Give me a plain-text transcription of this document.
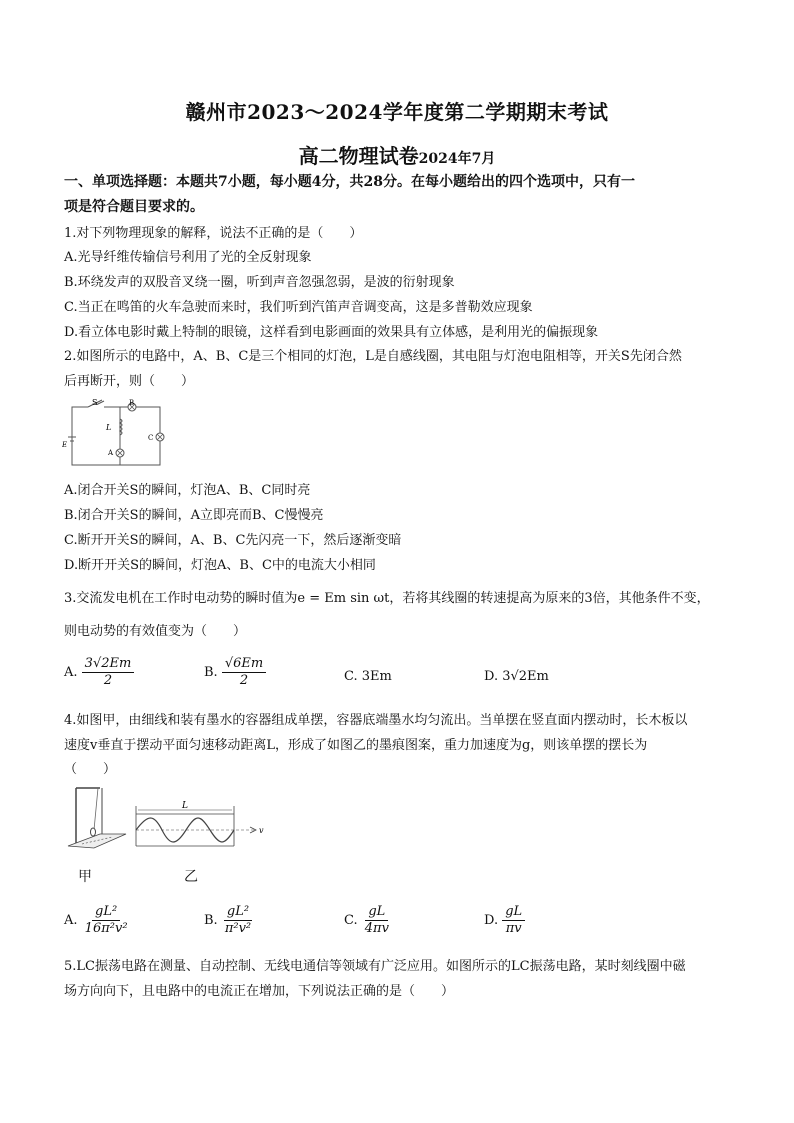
赣州市2023～2024学年度第二学期期末考试
高二物理试卷2024年7月
一、单项选择题：本题共7小题，每小题4分，共28分。在每小题给出的四个选项中，只有一
项是符合题目要求的。
1.对下列物理现象的解释，说法不正确的是（　　）
A.光导纤维传输信号利用了光的全反射现象
B.环绕发声的双股音叉绕一圈，听到声音忽强忽弱，是波的衍射现象
C.当正在鸣笛的火车急驶而来时，我们听到汽笛声音调变高，这是多普勒效应现象
D.看立体电影时戴上特制的眼镜，这样看到电影画面的效果具有立体感，是利用光的偏振现象
2.如图所示的电路中，A、B、C是三个相同的灯泡，L是自感线圈，其电阻与灯泡电阻相等，开关S先闭合然
后再断开，则（　　）
S	B
C
L
A
E
A.闭合开关S的瞬间，灯泡A、B、C同时亮
B.闭合开关S的瞬间，A立即亮而B、C慢慢亮
C.断开开关S的瞬间，A、B、C先闪亮一下，然后逐渐变暗
D.断开开关S的瞬间，灯泡A、B、C中的电流大小相同
3.交流发电机在工作时电动势的瞬时值为e = Em sin ωt，若将其线圈的转速提高为原来的3倍，其他条件不变，
则电动势的有效值变为（　　）
A. $\frac{3√2Em}{2}$	B. $\frac{√6Em}{2}$	C. 3Em	D. 3√2Em
4.如图甲，由细线和装有墨水的容器组成单摆，容器底端墨水均匀流出。当单摆在竖直面内摆动时，长木板以
速度v垂直于摆动平面匀速移动距离L，形成了如图乙的墨痕图案，重力加速度为g，则该单摆的摆长为
（　　）
L
v
甲	乙
A. $\frac{\text{gL²}}{\text{16π²v²}}$	B. $\frac{\text{gL²}}{\text{π²v²}}$	C. $\frac{gL}{4\pi v}$	D. $\frac{gL}{\pi v}$
5.LC振荡电路在测量、自动控制、无线电通信等领域有广泛应用。如图所示的LC振荡电路，某时刻线圈中磁
场方向向下，且电路中的电流正在增加，下列说法正确的是（　　）
